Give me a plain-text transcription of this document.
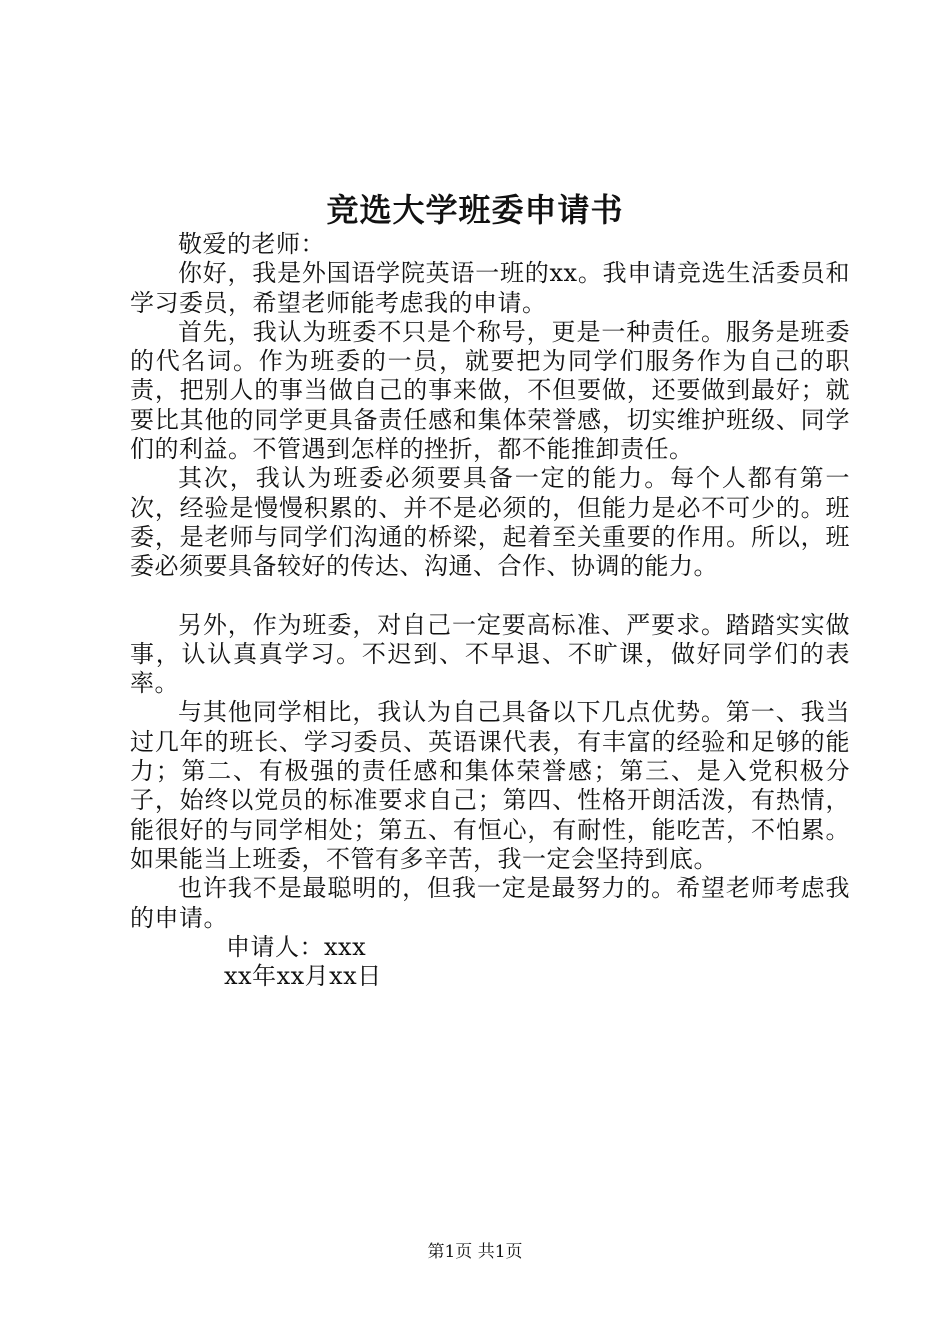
竞选大学班委申请书

敬爱的老师：

你好，我是外国语学院英语一班的xx。我申请竞选生活委员和学习委员，希望老师能考虑我的申请。

首先，我认为班委不只是个称号，更是一种责任。服务是班委的代名词。作为班委的一员，就要把为同学们服务作为自己的职责，把别人的事当做自己的事来做，不但要做，还要做到最好；就要比其他的同学更具备责任感和集体荣誉感，切实维护班级、同学们的利益。不管遇到怎样的挫折，都不能推卸责任。

其次，我认为班委必须要具备一定的能力。每个人都有第一次，经验是慢慢积累的、并不是必须的，但能力是必不可少的。班委，是老师与同学们沟通的桥梁，起着至关重要的作用。所以，班委必须要具备较好的传达、沟通、合作、协调的能力。

另外，作为班委，对自己一定要高标准、严要求。踏踏实实做事，认认真真学习。不迟到、不早退、不旷课，做好同学们的表率。

与其他同学相比，我认为自己具备以下几点优势。第一、我当过几年的班长、学习委员、英语课代表，有丰富的经验和足够的能力；第二、有极强的责任感和集体荣誉感；第三、是入党积极分子，始终以党员的标准要求自己；第四、性格开朗活泼，有热情，能很好的与同学相处；第五、有恒心，有耐性，能吃苦，不怕累。如果能当上班委，不管有多辛苦，我一定会坚持到底。

也许我不是最聪明的，但我一定是最努力的。希望老师考虑我的申请。

申请人：xxx

xx年xx月xx日

第1页 共1页
